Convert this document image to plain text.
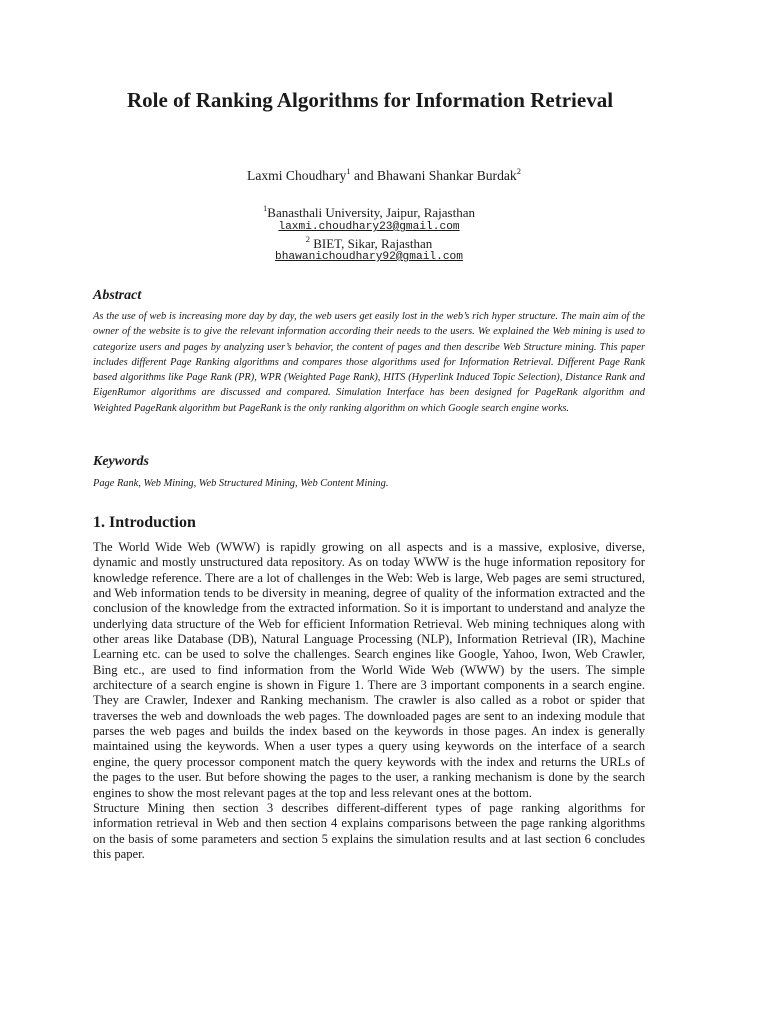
Role of Ranking Algorithms for Information Retrieval
Laxmi Choudhary$^1$ and Bhawani Shankar Burdak$^2$
$^1$Banasthali University, Jaipur, Rajasthan
laxmi.choudhary23@gmail.com
$^2$ BIET, Sikar, Rajasthan
bhawanichoudhary92@gmail.com
Abstract

As the use of web is increasing more day by day, the web users get easily lost in the web’s rich hyper structure. The main aim of the owner of the website is to give the relevant information according their needs to the users. We explained the Web mining is used to categorize users and pages by analyzing user’s behavior, the content of pages and then describe Web Structure mining. This paper includes different Page Ranking algorithms and compares those algorithms used for Information Retrieval. Different Page Rank based algorithms like Page Rank (PR), WPR (Weighted Page Rank), HITS (Hyperlink Induced Topic Selection), Distance Rank and EigenRumor algorithms are discussed and compared. Simulation Interface has been designed for PageRank algorithm and Weighted PageRank algorithm but PageRank is the only ranking algorithm on which Google search engine works.

Keywords

Page Rank, Web Mining, Web Structured Mining, Web Content Mining.

1. Introduction

The World Wide Web (WWW) is rapidly growing on all aspects and is a massive, explosive, diverse, dynamic and mostly unstructured data repository. As on today WWW is the huge information repository for knowledge reference. There are a lot of challenges in the Web: Web is large, Web pages are semi structured, and Web information tends to be diversity in meaning, degree of quality of the information extracted and the conclusion of the knowledge from the extracted information. So it is important to understand and analyze the underlying data structure of the Web for efficient Information Retrieval. Web mining techniques along with other areas like Database (DB), Natural Language Processing (NLP), Information Retrieval (IR), Machine Learning etc. can be used to solve the challenges. Search engines like Google, Yahoo, Iwon, Web Crawler, Bing etc., are used to find information from the World Wide Web (WWW) by the users. The simple architecture of a search engine is shown in Figure 1. There are 3 important components in a search engine. They are Crawler, Indexer and Ranking mechanism. The crawler is also called as a robot or spider that traverses the web and downloads the web pages. The downloaded pages are sent to an indexing module that parses the web pages and builds the index based on the keywords in those pages. An index is generally maintained using the keywords. When a user types a query using keywords on the interface of a search engine, the query processor component match the query keywords with the index and returns the URLs of the pages to the user. But before showing the pages to the user, a ranking mechanism is done by the search engines to show the most relevant pages at the top and less relevant ones at the bottom.

Structure Mining then section 3 describes different-different types of page ranking algorithms for information retrieval in Web and then section 4 explains comparisons between the page ranking algorithms on the basis of some parameters and section 5 explains the simulation results and at last section 6 concludes this paper.
